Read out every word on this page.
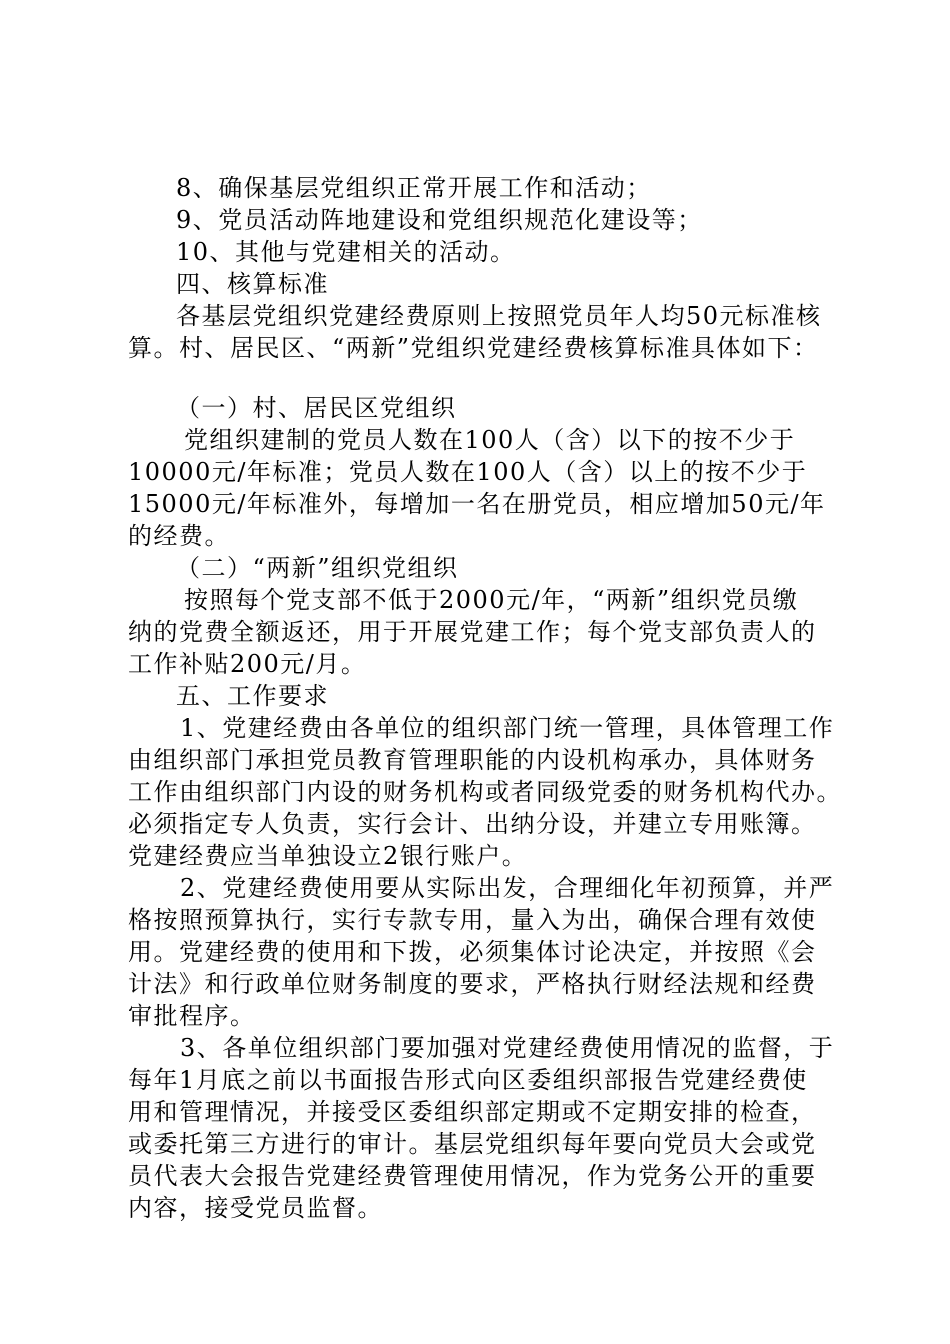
8、确保基层党组织正常开展工作和活动；
9、党员活动阵地建设和党组织规范化建设等；
10、其他与党建相关的活动。
四、核算标准
各基层党组织党建经费原则上按照党员年人均50元标准核
算。村、居民区、“两新”党组织党建经费核算标准具体如下：
（一）村、居民区党组织
党组织建制的党员人数在100人（含）以下的按不少于
10000元/年标准；党员人数在100人（含）以上的按不少于
15000元/年标准外，每增加一名在册党员，相应增加50元/年
的经费。
（二）“两新”组织党组织
按照每个党支部不低于2000元/年，“两新”组织党员缴
纳的党费全额返还，用于开展党建工作；每个党支部负责人的
工作补贴200元/月。
五、工作要求
1、党建经费由各单位的组织部门统一管理，具体管理工作
由组织部门承担党员教育管理职能的内设机构承办，具体财务
工作由组织部门内设的财务机构或者同级党委的财务机构代办。
必须指定专人负责，实行会计、出纳分设，并建立专用账簿。
党建经费应当单独设立2银行账户。
2、党建经费使用要从实际出发，合理细化年初预算，并严
格按照预算执行，实行专款专用，量入为出，确保合理有效使
用。党建经费的使用和下拨，必须集体讨论决定，并按照《会
计法》和行政单位财务制度的要求，严格执行财经法规和经费
审批程序。
3、各单位组织部门要加强对党建经费使用情况的监督，于
每年1月底之前以书面报告形式向区委组织部报告党建经费使
用和管理情况，并接受区委组织部定期或不定期安排的检查，
或委托第三方进行的审计。基层党组织每年要向党员大会或党
员代表大会报告党建经费管理使用情况，作为党务公开的重要
内容，接受党员监督。
